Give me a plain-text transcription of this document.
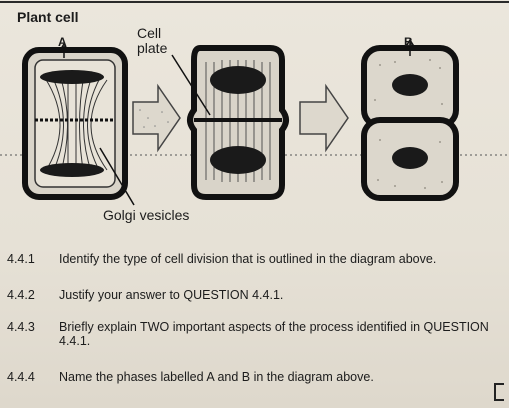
Plant cell
Cell
plate
Golgi vesicles
A	B
4.4.1	Identify the type of cell division that is outlined in the diagram above.
4.4.2	Justify your answer to QUESTION 4.4.1.
4.4.3	Briefly explain TWO important aspects of the process identified in QUESTION 4.4.1.
4.4.4	Name the phases labelled A and B in the diagram above.
